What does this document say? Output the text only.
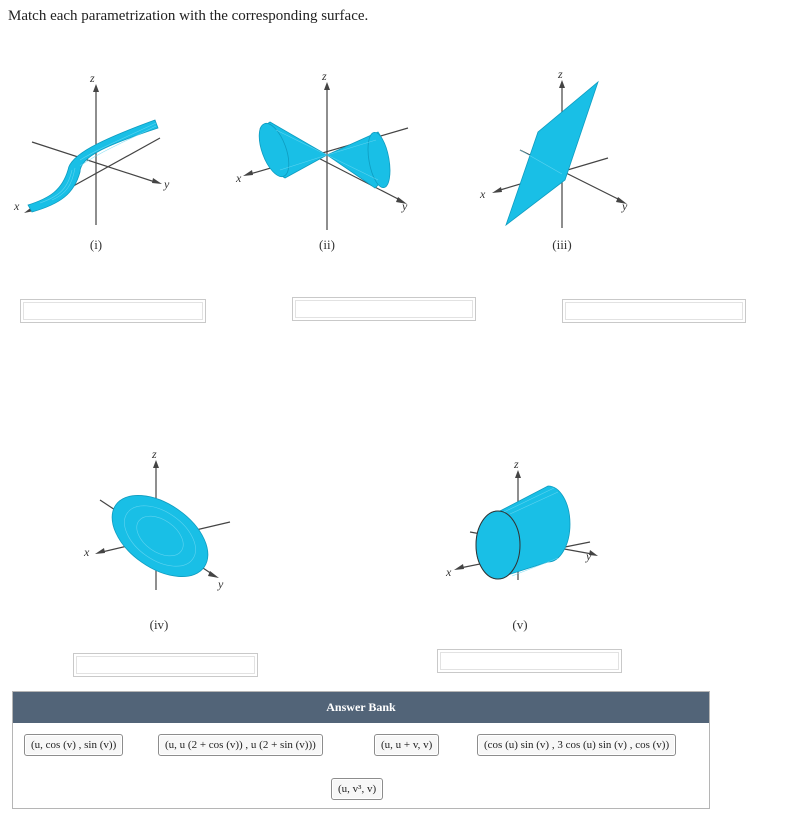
Match each parametrization with the corresponding surface.
z
x
y
(i)
z
x
y
(ii)
z
x
y
(iii)
z
x
y
(iv)
z
x
y
(v)
Answer Bank
(u, cos (v) , sin (v))	(u, u (2 + cos (v)) , u (2 + sin (v)))	(u, u + v, v)	(cos (u) sin (v) , 3 cos (u) sin (v) , cos (v))
(u, v³, v)
